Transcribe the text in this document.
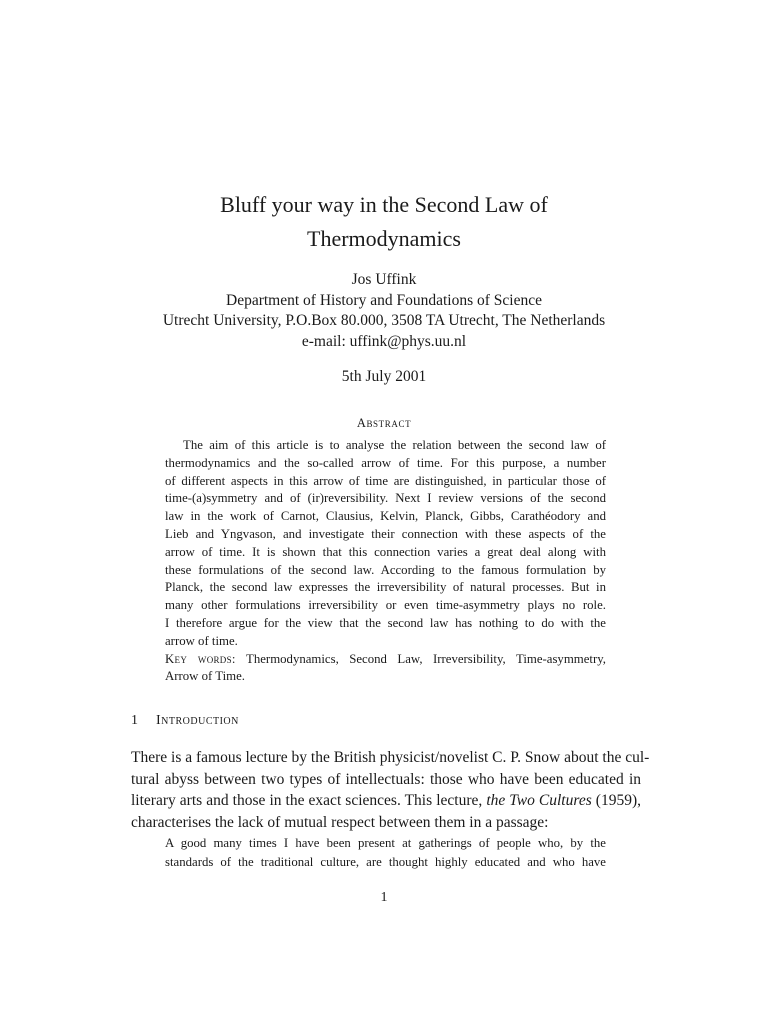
Bluff your way in the Second Law of
Thermodynamics
Jos Uffink
Department of History and Foundations of Science
Utrecht University, P.O.Box 80.000, 3508 TA Utrecht, The Netherlands
e-mail: uffink@phys.uu.nl
5th July 2001
Abstract
The aim of this article is to analyse the relation between the second law of
thermodynamics and the so-called arrow of time. For this purpose, a number
of different aspects in this arrow of time are distinguished, in particular those of
time-(a)symmetry and of (ir)reversibility. Next I review versions of the second
law in the work of Carnot, Clausius, Kelvin, Planck, Gibbs, Carathéodory and
Lieb and Yngvason, and investigate their connection with these aspects of the
arrow of time. It is shown that this connection varies a great deal along with
these formulations of the second law. According to the famous formulation by
Planck, the second law expresses the irreversibility of natural processes. But in
many other formulations irreversibility or even time-asymmetry plays no role.
I therefore argue for the view that the second law has nothing to do with the
arrow of time.
Key words: Thermodynamics, Second Law, Irreversibility, Time-asymmetry,
Arrow of Time.
1 Introduction
There is a famous lecture by the British physicist/novelist C. P. Snow about the cul-
tural abyss between two types of intellectuals: those who have been educated in
literary arts and those in the exact sciences. This lecture, the Two Cultures (1959),
characterises the lack of mutual respect between them in a passage:
A good many times I have been present at gatherings of people who, by the
standards of the traditional culture, are thought highly educated and who have
1
